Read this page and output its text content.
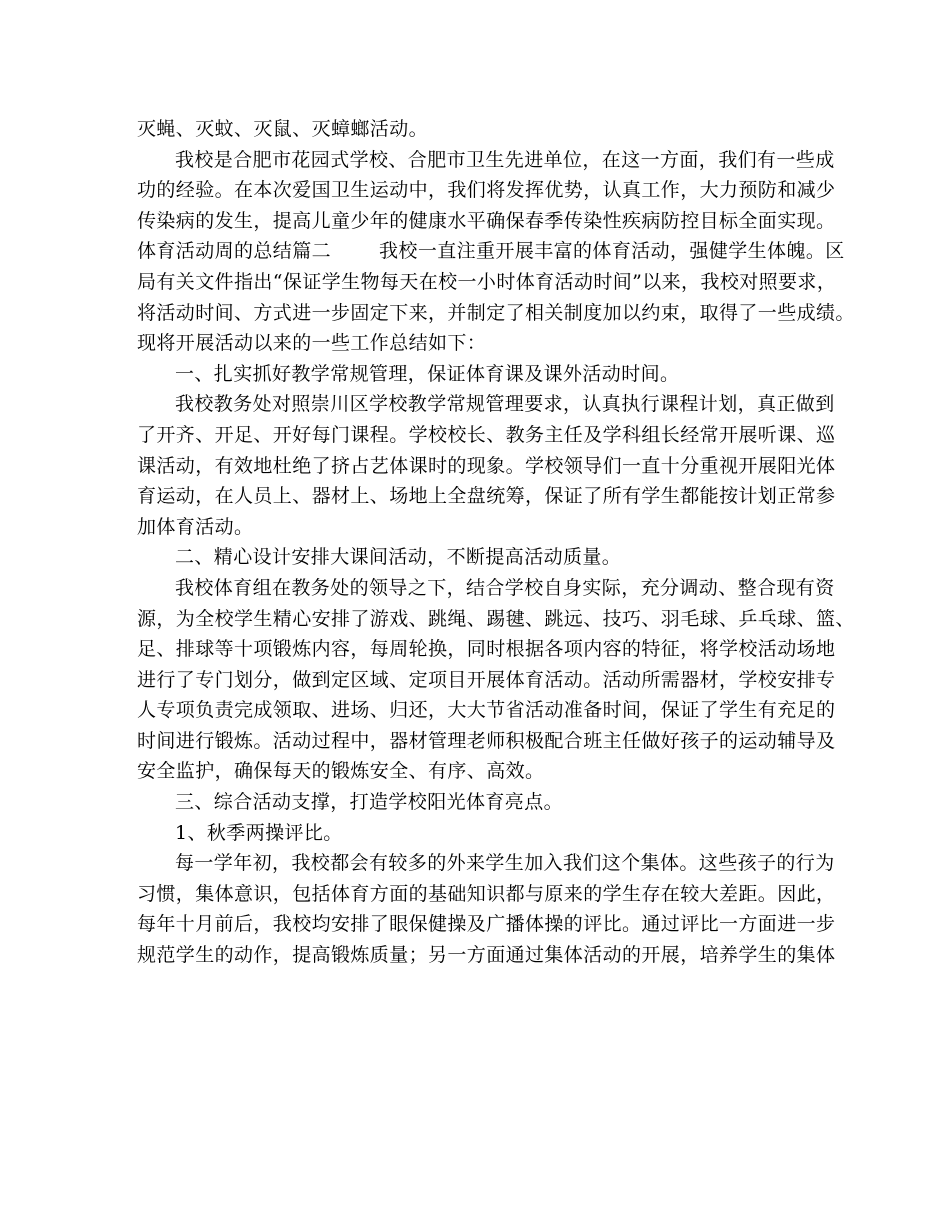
灭蝇、灭蚊、灭鼠、灭蟑螂活动。
我校是合肥市花园式学校、合肥市卫生先进单位，在这一方面，我们有一些成
功的经验。在本次爱国卫生运动中，我们将发挥优势，认真工作，大力预防和减少
传染病的发生，提高儿童少年的健康水平确保春季传染性疾病防控目标全面实现。
体育活动周的总结篇二	我校一直注重开展丰富的体育活动，强健学生体魄。区
局有关文件指出“保证学生物每天在校一小时体育活动时间”以来，我校对照要求，
将活动时间、方式进一步固定下来，并制定了相关制度加以约束，取得了一些成绩。
现将开展活动以来的一些工作总结如下：
一、扎实抓好教学常规管理，保证体育课及课外活动时间。
我校教务处对照崇川区学校教学常规管理要求，认真执行课程计划，真正做到
了开齐、开足、开好每门课程。学校校长、教务主任及学科组长经常开展听课、巡
课活动，有效地杜绝了挤占艺体课时的现象。学校领导们一直十分重视开展阳光体
育运动，在人员上、器材上、场地上全盘统筹，保证了所有学生都能按计划正常参
加体育活动。
二、精心设计安排大课间活动，不断提高活动质量。
我校体育组在教务处的领导之下，结合学校自身实际，充分调动、整合现有资
源，为全校学生精心安排了游戏、跳绳、踢毽、跳远、技巧、羽毛球、乒乓球、篮、
足、排球等十项锻炼内容，每周轮换，同时根据各项内容的特征，将学校活动场地
进行了专门划分，做到定区域、定项目开展体育活动。活动所需器材，学校安排专
人专项负责完成领取、进场、归还，大大节省活动准备时间，保证了学生有充足的
时间进行锻炼。活动过程中，器材管理老师积极配合班主任做好孩子的运动辅导及
安全监护，确保每天的锻炼安全、有序、高效。
三、综合活动支撑，打造学校阳光体育亮点。
1、秋季两操评比。
每一学年初，我校都会有较多的外来学生加入我们这个集体。这些孩子的行为
习惯，集体意识，包括体育方面的基础知识都与原来的学生存在较大差距。因此，
每年十月前后，我校均安排了眼保健操及广播体操的评比。通过评比一方面进一步
规范学生的动作，提高锻炼质量；另一方面通过集体活动的开展，培养学生的集体
